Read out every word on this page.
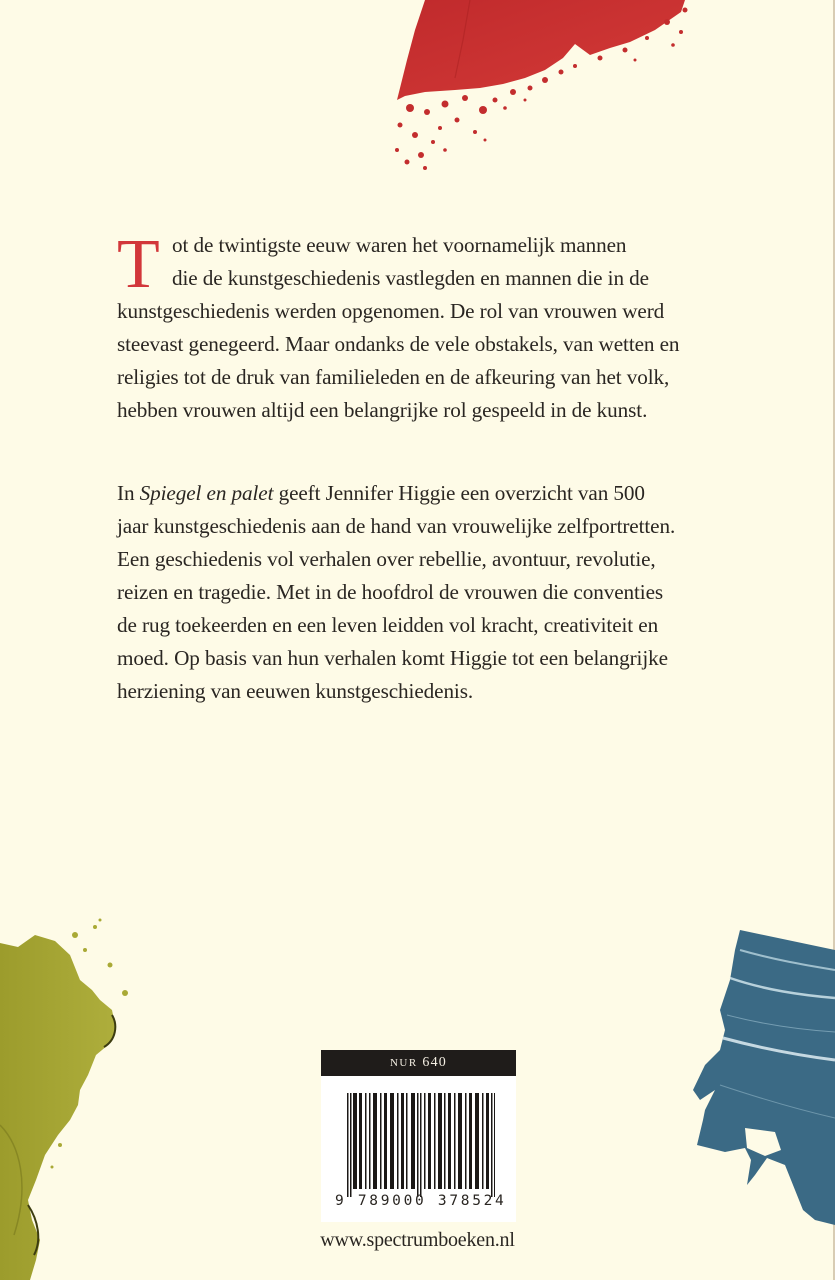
T ot de twintigste eeuw waren het voornamelijk mannen
die de kunstgeschiedenis vastlegden en mannen die in de
kunstgeschiedenis werden opgenomen. De rol van vrouwen werd
steevast genegeerd. Maar ondanks de vele obstakels, van wetten en
religies tot de druk van familieleden en de afkeuring van het volk,
hebben vrouwen altijd een belangrijke rol gespeeld in de kunst.

In Spiegel en palet geeft Jennifer Higgie een overzicht van 500
jaar kunstgeschiedenis aan de hand van vrouwelijke zelfportretten.
Een geschiedenis vol verhalen over rebellie, avontuur, revolutie,
reizen en tragedie. Met in de hoofdrol de vrouwen die conventies
de rug toekeerden en een leven leidden vol kracht, creativiteit en
moed. Op basis van hun verhalen komt Higgie tot een belangrijke
herziening van eeuwen kunstgeschiedenis.

NUR 640
9  789000  378524
www.spectrumboeken.nl
